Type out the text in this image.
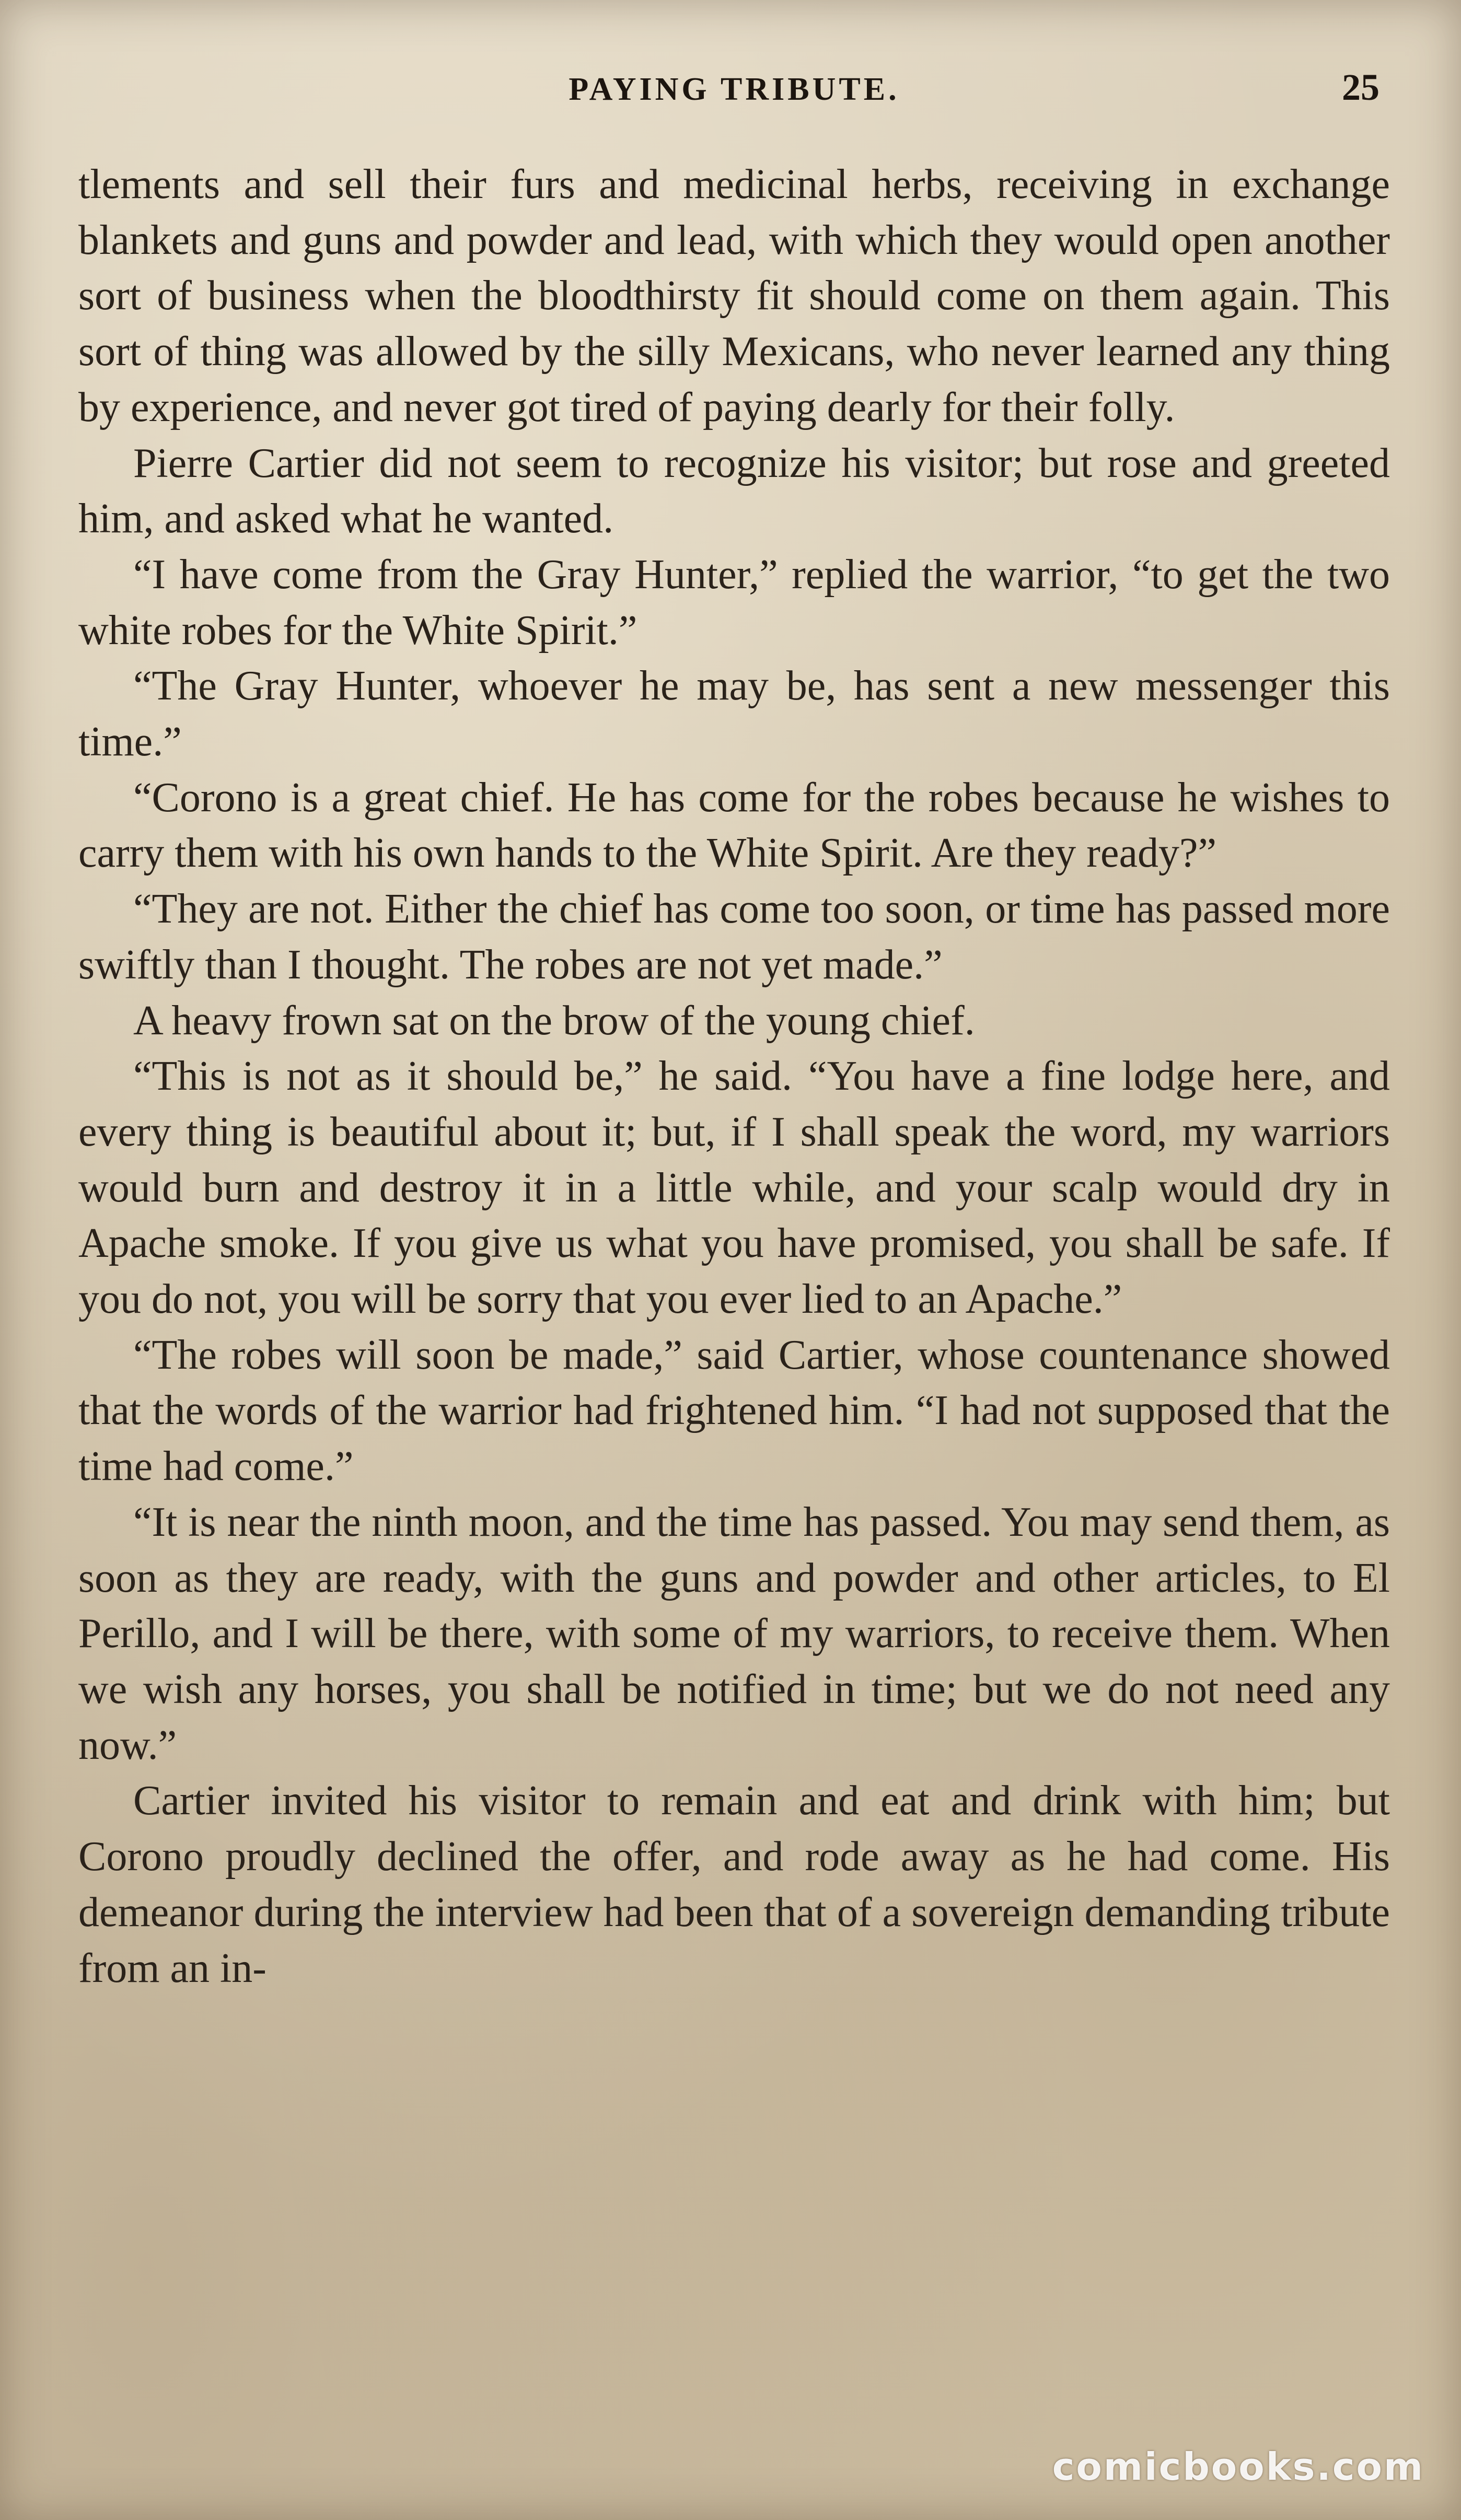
PAYING TRIBUTE.	25

tlements and sell their furs and medicinal herbs, receiving in exchange blankets and guns and powder and lead, with which they would open another sort of business when the bloodthirsty fit should come on them again. This sort of thing was allowed by the silly Mexicans, who never learned any thing by experience, and never got tired of paying dearly for their folly.

Pierre Cartier did not seem to recognize his visitor; but rose and greeted him, and asked what he wanted.

“I have come from the Gray Hunter,” replied the warrior, “to get the two white robes for the White Spirit.”

“The Gray Hunter, whoever he may be, has sent a new messenger this time.”

“Corono is a great chief. He has come for the robes because he wishes to carry them with his own hands to the White Spirit. Are they ready?”

“They are not. Either the chief has come too soon, or time has passed more swiftly than I thought. The robes are not yet made.”

A heavy frown sat on the brow of the young chief.

“This is not as it should be,” he said. “You have a fine lodge here, and every thing is beautiful about it; but, if I shall speak the word, my warriors would burn and destroy it in a little while, and your scalp would dry in Apache smoke. If you give us what you have promised, you shall be safe. If you do not, you will be sorry that you ever lied to an Apache.”

“The robes will soon be made,” said Cartier, whose countenance showed that the words of the warrior had frightened him. “I had not supposed that the time had come.”

“It is near the ninth moon, and the time has passed. You may send them, as soon as they are ready, with the guns and powder and other articles, to El Perillo, and I will be there, with some of my warriors, to receive them. When we wish any horses, you shall be notified in time; but we do not need any now.”

Cartier invited his visitor to remain and eat and drink with him; but Corono proudly declined the offer, and rode away as he had come. His demeanor during the interview had been that of a sovereign demanding tribute from an in-

comicbooks.com
